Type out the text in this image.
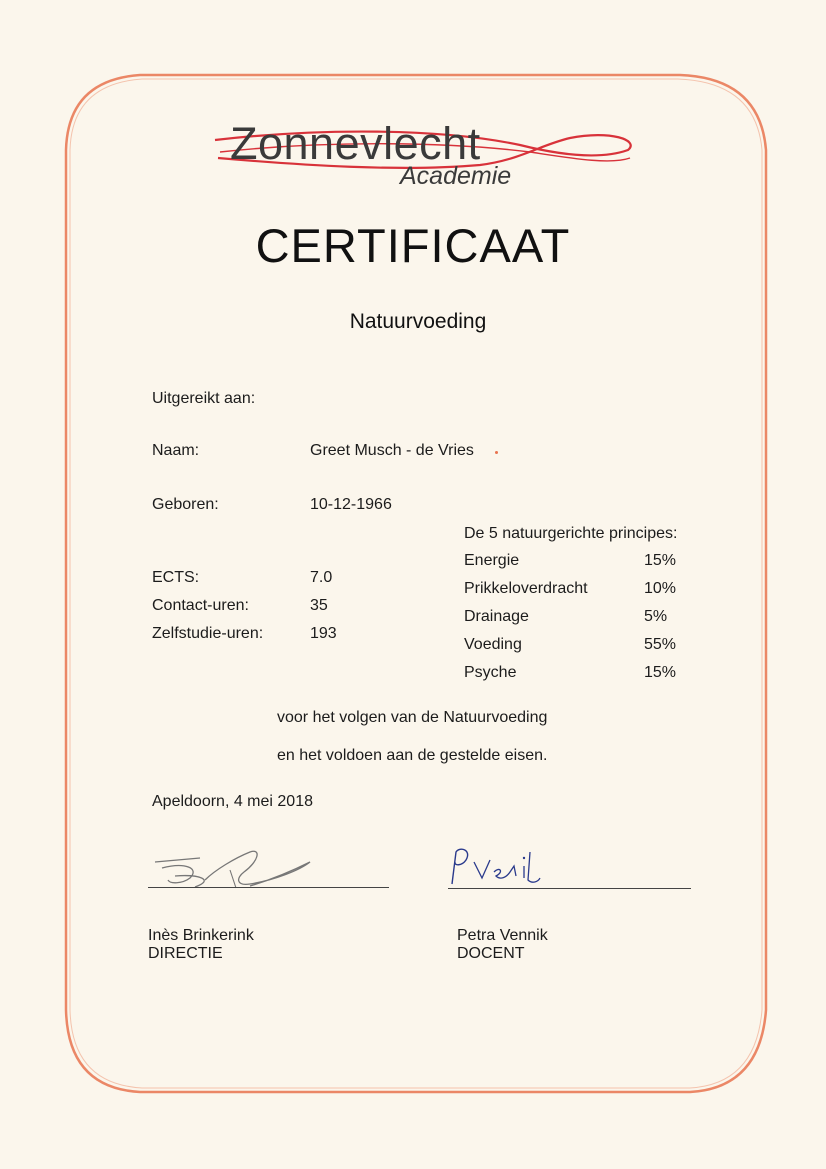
Zonnevlecht
Academie
CERTIFICAAT
Natuurvoeding
Uitgereikt aan:
Naam:	Greet Musch - de Vries
Geboren:	10-12-1966
ECTS:	7.0
Contact-uren:	35
Zelfstudie-uren:	193
De 5 natuurgerichte principes:
Energie	15%
Prikkeloverdracht	10%
Drainage	5%
Voeding	55%
Psyche	15%
voor het volgen van de Natuurvoeding
en het voldoen aan de gestelde eisen.
Apeldoorn, 4 mei 2018
Inès Brinkerink
DIRECTIE
Petra Vennik
DOCENT
